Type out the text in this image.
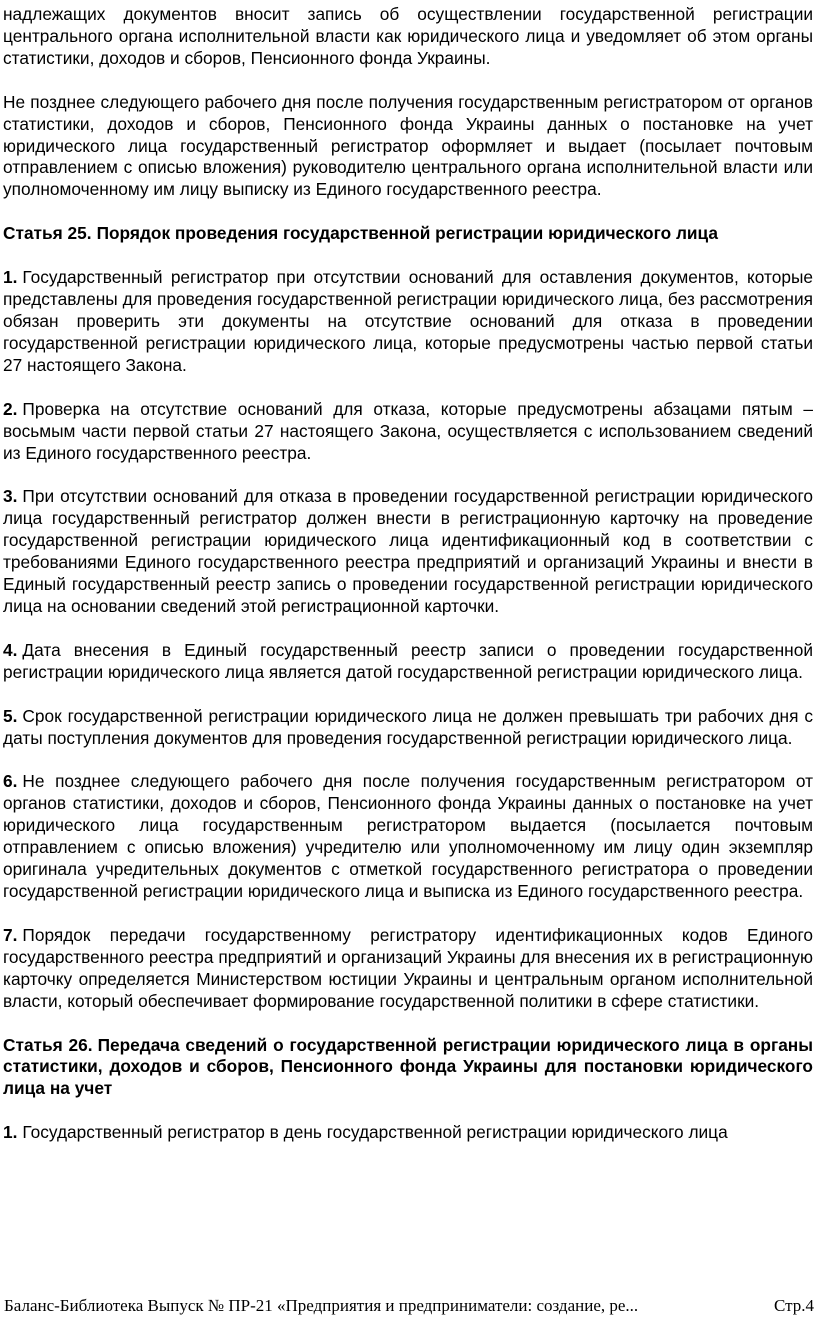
надлежащих документов вносит запись об осуществлении государственной регистрации центрального органа исполнительной власти как юридического лица и уведомляет об этом органы статистики, доходов и сборов, Пенсионного фонда Украины.

Не позднее следующего рабочего дня после получения государственным регистратором от органов статистики, доходов и сборов, Пенсионного фонда Украины данных о постановке на учет юридического лица государственный регистратор оформляет и выдает (посылает почтовым отправлением с описью вложения) руководителю центрального органа исполнительной власти или уполномоченному им лицу выписку из Единого государственного реестра.

Статья 25. Порядок проведения государственной регистрации юридического лица

1. Государственный регистратор при отсутствии оснований для оставления документов, которые представлены для проведения государственной регистрации юридического лица, без рассмотрения обязан проверить эти документы на отсутствие оснований для отказа в проведении государственной регистрации юридического лица, которые предусмотрены частью первой статьи 27 настоящего Закона.

2. Проверка на отсутствие оснований для отказа, которые предусмотрены абзацами пятым – восьмым части первой статьи 27 настоящего Закона, осуществляется с использованием сведений из Единого государственного реестра.

3. При отсутствии оснований для отказа в проведении государственной регистрации юридического лица государственный регистратор должен внести в регистрационную карточку на проведение государственной регистрации юридического лица идентификационный код в соответствии с требованиями Единого государственного реестра предприятий и организаций Украины и внести в Единый государственный реестр запись о проведении государственной регистрации юридического лица на основании сведений этой регистрационной карточки.

4. Дата внесения в Единый государственный реестр записи о проведении государственной регистрации юридического лица является датой государственной регистрации юридического лица.

5. Срок государственной регистрации юридического лица не должен превышать три рабочих дня с даты поступления документов для проведения государственной регистрации юридического лица.

6. Не позднее следующего рабочего дня после получения государственным регистратором от органов статистики, доходов и сборов, Пенсионного фонда Украины данных о постановке на учет юридического лица государственным регистратором выдается (посылается почтовым отправлением с описью вложения) учредителю или уполномоченному им лицу один экземпляр оригинала учредительных документов с отметкой государственного регистратора о проведении государственной регистрации юридического лица и выписка из Единого государственного реестра.

7. Порядок передачи государственному регистратору идентификационных кодов Единого государственного реестра предприятий и организаций Украины для внесения их в регистрационную карточку определяется Министерством юстиции Украины и центральным органом исполнительной власти, который обеспечивает формирование государственной политики в сфере статистики.

Статья 26. Передача сведений о государственной регистрации юридического лица в органы статистики, доходов и сборов, Пенсионного фонда Украины для постановки юридического лица на учет

1. Государственный регистратор в день государственной регистрации юридического лица

Баланс-Библиотека Выпуск № ПР-21 «Предприятия и предприниматели: создание, ре...	Стр.4
